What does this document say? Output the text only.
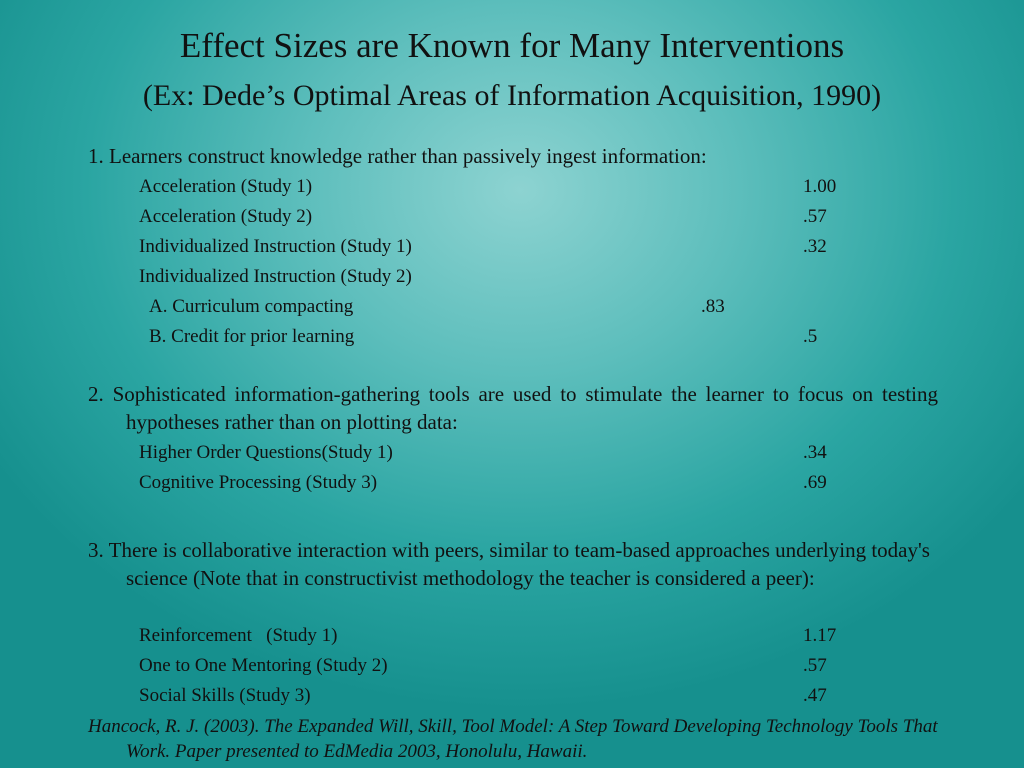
Effect Sizes are Known for Many Interventions
(Ex: Dede’s Optimal Areas of Information Acquisition, 1990)
1. Learners construct knowledge rather than passively ingest information:
Acceleration (Study 1)	1.00
Acceleration (Study 2)	.57
Individualized Instruction (Study 1)	.32
Individualized Instruction (Study 2)
A. Curriculum compacting	.83
B. Credit for prior learning	.5
2. Sophisticated information-gathering tools are used to stimulate the learner to focus on testing hypotheses rather than on plotting data:
Higher Order Questions(Study 1)	.34
Cognitive Processing (Study 3)	.69
3. There is collaborative interaction with peers, similar to team-based approaches underlying today's science (Note that in constructivist methodology the teacher is considered a peer):
Reinforcement   (Study 1)	1.17
One to One Mentoring (Study 2)	.57
Social Skills (Study 3)	.47
Hancock, R. J. (2003). The Expanded Will, Skill, Tool Model: A Step Toward Developing Technology Tools That Work. Paper presented to EdMedia 2003, Honolulu, Hawaii.
